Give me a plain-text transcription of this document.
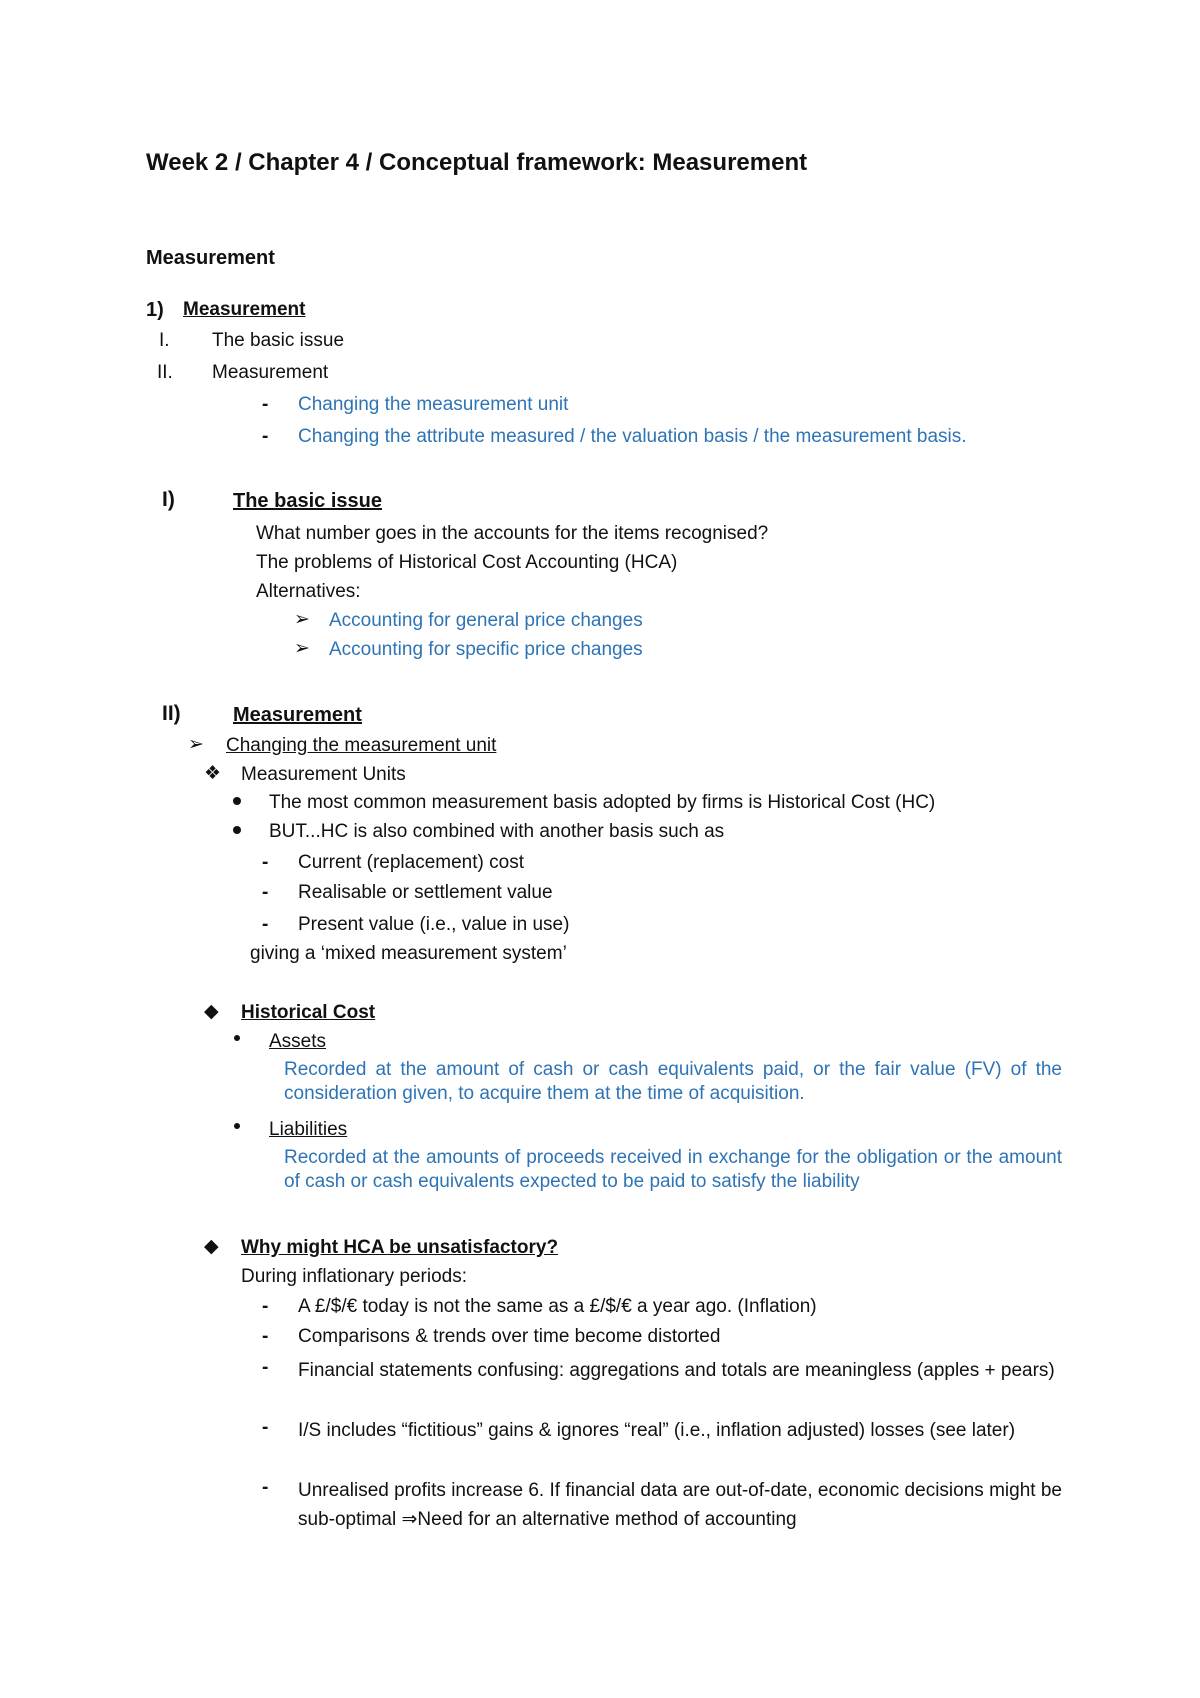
Week 2 / Chapter 4 / Conceptual framework: Measurement
Measurement
1) Measurement
I. The basic issue
II. Measurement
- Changing the measurement unit
- Changing the attribute measured / the valuation basis / the measurement basis.
I)	The basic issue
What number goes in the accounts for the items recognised?
The problems of Historical Cost Accounting (HCA)
Alternatives:
➢ Accounting for general price changes
➢ Accounting for specific price changes
II)	Measurement
➢ Changing the measurement unit
❖ Measurement Units
The most common measurement basis adopted by firms is Historical Cost (HC)
BUT...HC is also combined with another basis such as
- Current (replacement) cost
- Realisable or settlement value
- Present value (i.e., value in use)
giving a ‘mixed measurement system’
◆ Historical Cost
Assets
Recorded at the amount of cash or cash equivalents paid, or the fair value (FV) of the consideration given, to acquire them at the time of acquisition.
Liabilities
Recorded at the amounts of proceeds received in exchange for the obligation or the amount of cash or cash equivalents expected to be paid to satisfy the liability
◆ Why might HCA be unsatisfactory?
During inflationary periods:
- A £/$/€ today is not the same as a £/$/€ a year ago. (Inflation)
- Comparisons & trends over time become distorted
- Financial statements confusing: aggregations and totals are meaningless (apples + pears)
- I/S includes “fictitious” gains & ignores “real” (i.e., inflation adjusted) losses (see later)
- Unrealised profits increase 6. If financial data are out-of-date, economic decisions might be sub-optimal ⇒Need for an alternative method of accounting
